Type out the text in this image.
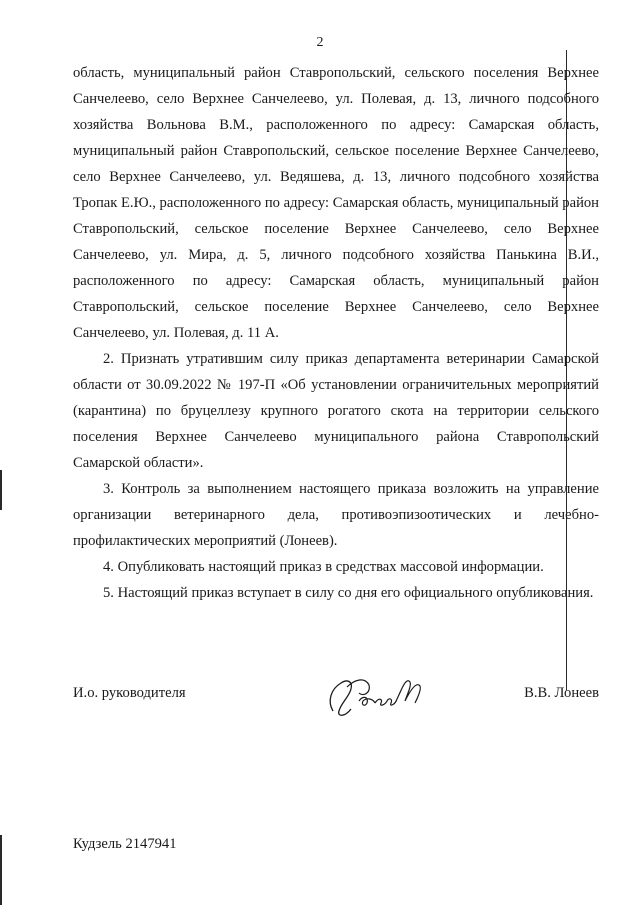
2

область, муниципальный район Ставропольский, сельского поселения Верхнее Санчелеево, село Верхнее Санчелеево, ул. Полевая, д. 13, личного подсобного хозяйства Вольнова В.М., расположенного по адресу: Самарская область, муниципальный район Ставропольский, сельское поселение Верхнее Санчелеево, село Верхнее Санчелеево, ул. Ведяшева, д. 13, личного подсобного хозяйства Тропак Е.Ю., расположенного по адресу: Самарская область, муниципальный район Ставропольский, сельское поселение Верхнее Санчелеево, село Верхнее Санчелеево, ул. Мира, д. 5, личного подсобного хозяйства Панькина В.И., расположенного по адресу: Самарская область, муниципальный район Ставропольский, сельское поселение Верхнее Санчелеево, село Верхнее Санчелеево, ул. Полевая, д. 11 А.

2. Признать утратившим силу приказ департамента ветеринарии Самарской области от 30.09.2022 № 197-П «Об установлении ограничительных мероприятий (карантина) по бруцеллезу крупного рогатого скота на территории сельского поселения Верхнее Санчелеево муниципального района Ставропольский Самарской области».

3. Контроль за выполнением настоящего приказа возложить на управление организации ветеринарного дела, противоэпизоотических и лечебно-профилактических мероприятий (Лонеев).

4. Опубликовать настоящий приказ в средствах массовой информации.

5. Настоящий приказ вступает в силу со дня его официального опубликования.

И.о. руководителя	В.В. Лонеев
Кудзель 2147941
